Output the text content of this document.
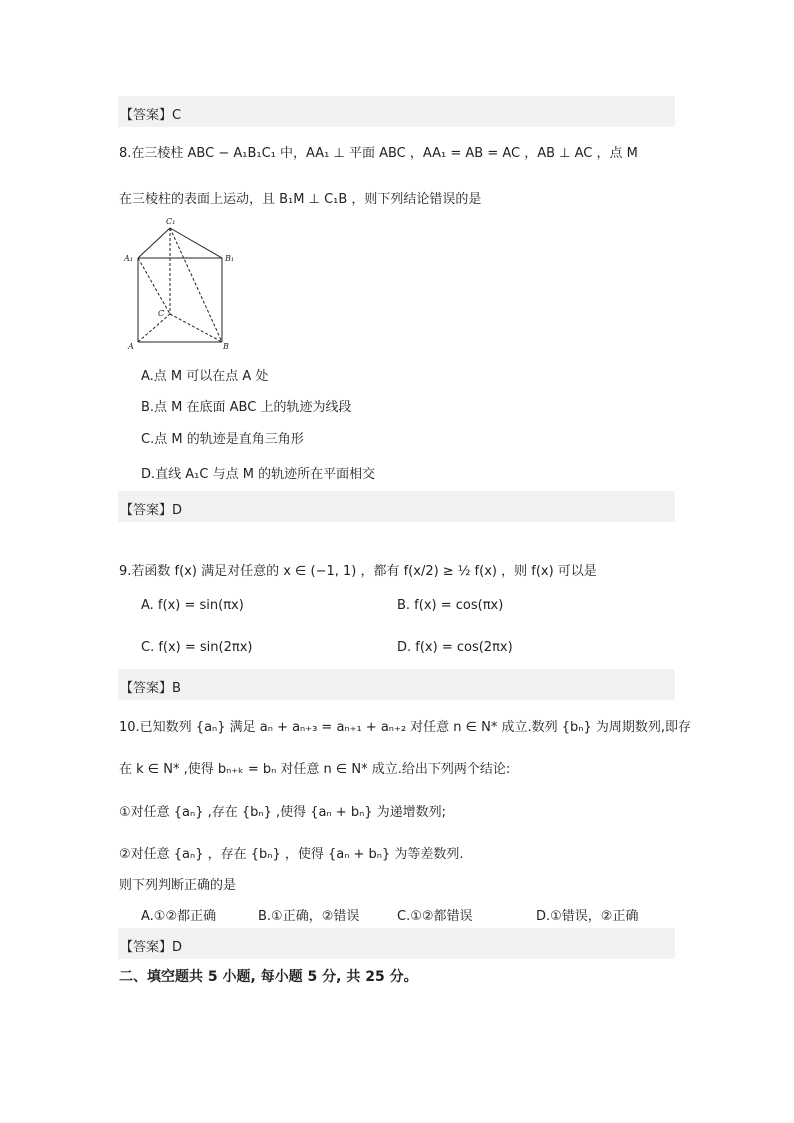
【答案】C
8.在三棱柱 ABC − A₁B₁C₁ 中，AA₁ ⊥ 平面 ABC ，AA₁ = AB = AC ，AB ⊥ AC ，点 M
在三棱柱的表面上运动，且 B₁M ⊥ C₁B ，则下列结论错误的是
C₁
A₁	B₁
C
A	B
A.点 M 可以在点 A 处
B.点 M 在底面 ABC 上的轨迹为线段
C.点 M 的轨迹是直角三角形
D.直线 A₁C 与点 M 的轨迹所在平面相交
【答案】D
9.若函数 f(x) 满足对任意的 x ∈ (−1, 1) ，都有 f(x/2) ≥ ½ f(x) ，则 f(x) 可以是
A. f(x) = sin(πx)	B. f(x) = cos(πx)
C. f(x) = sin(2πx)	D. f(x) = cos(2πx)
【答案】B
10.已知数列 {aₙ} 满足 aₙ + aₙ₊₃ = aₙ₊₁ + aₙ₊₂ 对任意 n ∈ N* 成立.数列 {bₙ} 为周期数列,即存
在 k ∈ N* ,使得 bₙ₊ₖ = bₙ 对任意 n ∈ N* 成立.给出下列两个结论:
①对任意 {aₙ} ,存在 {bₙ} ,使得 {aₙ + bₙ} 为递增数列;
②对任意 {aₙ} ，存在 {bₙ} ，使得 {aₙ + bₙ} 为等差数列.
则下列判断正确的是
A.①②都正确	B.①正确，②错误	C.①②都错误	D.①错误，②正确
【答案】D
二、填空题共 5 小题, 每小题 5 分, 共 25 分。
